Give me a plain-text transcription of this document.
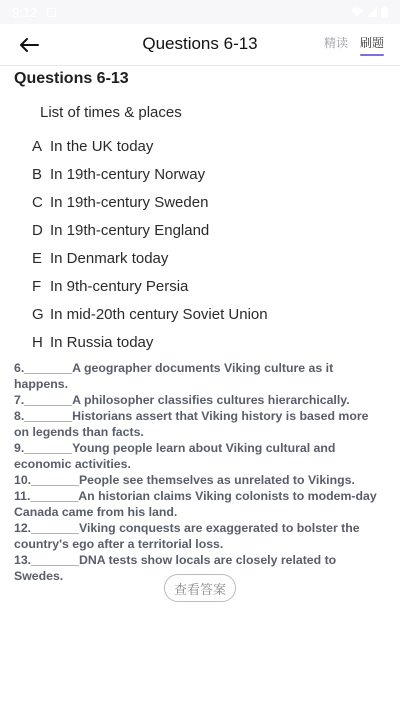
9:12
Questions 6-13	精读 刷题
Questions 6-13
List of times & places
A In the UK today
B In 19th-century Norway
C In 19th-century Sweden
D In 19th-century England
E In Denmark today
F In 9th-century Persia
G In mid-20th century Soviet Union
H In Russia today
6._______A geographer documents Viking culture as it happens.
7._______A philosopher classifies cultures hierarchically.
8._______Historians assert that Viking history is based more on legends than facts.
9._______Young people learn about Viking cultural and economic activities.
10._______People see themselves as unrelated to Vikings.
11._______An historian claims Viking colonists to modem-day Canada came from his land.
12._______Viking conquests are exaggerated to bolster the country's ego after a territorial loss.
13._______DNA tests show locals are closely related to Swedes.
查看答案
